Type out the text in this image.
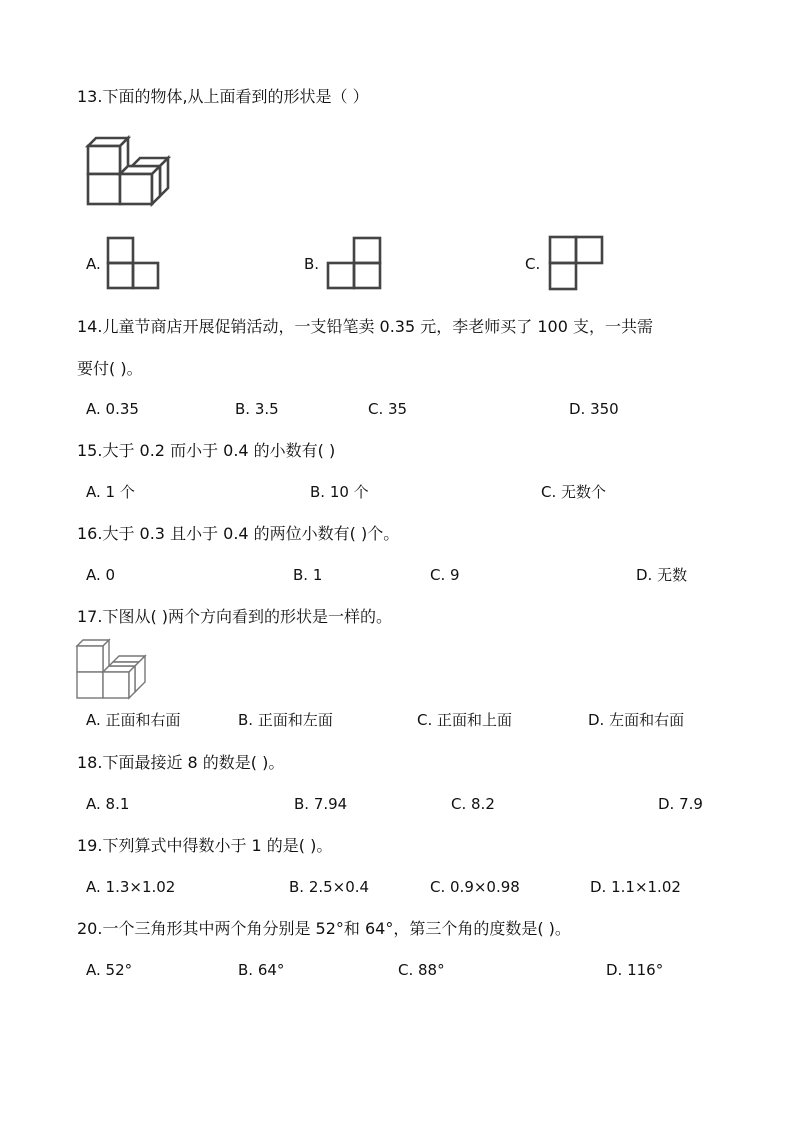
13.下面的物体,从上面看到的形状是（ ）
A.	B.	C.
14.儿童节商店开展促销活动，一支铅笔卖 0.35 元，李老师买了 100 支，一共需
要付( )。
A. 0.35	B. 3.5	C. 35	D. 350
15.大于 0.2 而小于 0.4 的小数有( )
A. 1 个	B. 10 个	C. 无数个
16.大于 0.3 且小于 0.4 的两位小数有( )个。
A. 0	B. 1	C. 9	D. 无数
17.下图从( )两个方向看到的形状是一样的。
A. 正面和右面	B. 正面和左面	C. 正面和上面	D. 左面和右面
18.下面最接近 8 的数是( )。
A. 8.1	B. 7.94	C. 8.2	D. 7.9
19.下列算式中得数小于 1 的是( )。
A. 1.3×1.02	B. 2.5×0.4	C. 0.9×0.98	D. 1.1×1.02
20.一个三角形其中两个角分别是 52°和 64°，第三个角的度数是( )。
A. 52°	B. 64°	C. 88°	D. 116°
